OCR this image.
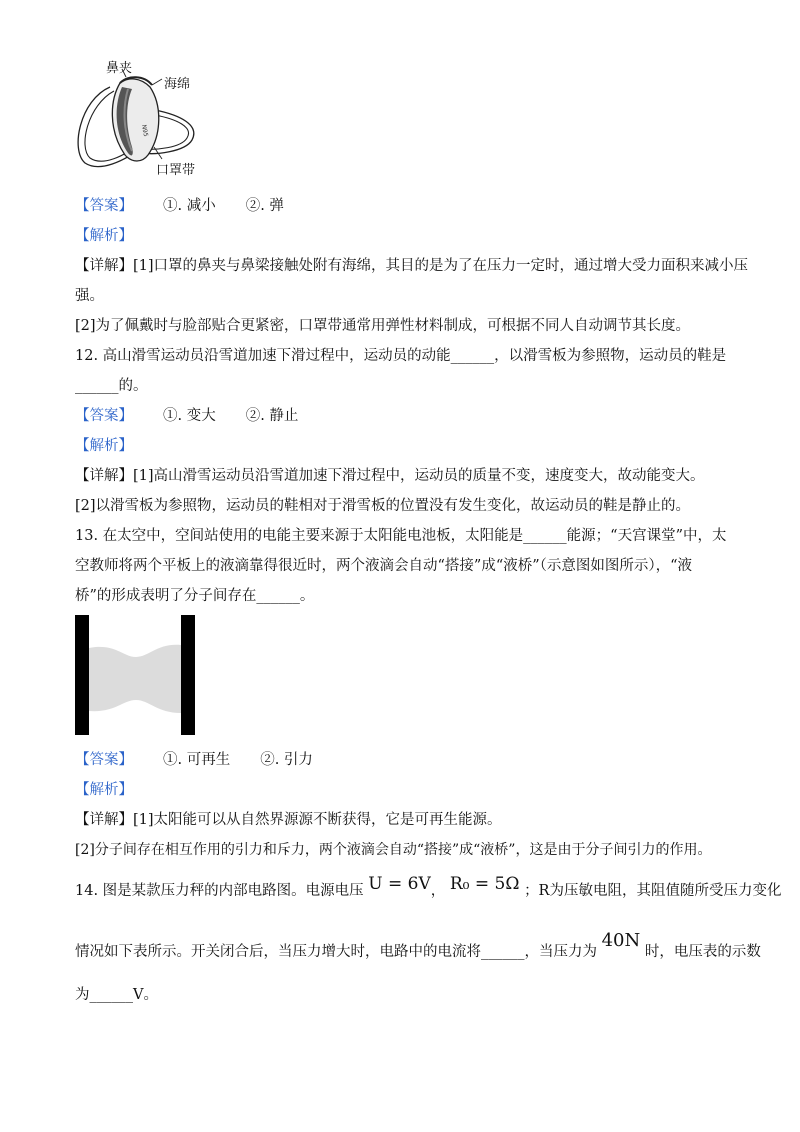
N95
鼻夹
海绵
口罩带
【答案】 ①. 减小 ②. 弹
【解析】
【详解】[1]口罩的鼻夹与鼻梁接触处附有海绵，其目的是为了在压力一定时，通过增大受力面积来减小压
强。
[2]为了佩戴时与脸部贴合更紧密，口罩带通常用弹性材料制成，可根据不同人自动调节其长度。
12. 高山滑雪运动员沿雪道加速下滑过程中，运动员的动能______，以滑雪板为参照物，运动员的鞋是
______的。
【答案】 ①. 变大 ②. 静止
【解析】
【详解】[1]高山滑雪运动员沿雪道加速下滑过程中，运动员的质量不变，速度变大，故动能变大。
[2]以滑雪板为参照物，运动员的鞋相对于滑雪板的位置没有发生变化，故运动员的鞋是静止的。
13. 在太空中，空间站使用的电能主要来源于太阳能电池板，太阳能是______能源；“天宫课堂”中，太
空教师将两个平板上的液滴靠得很近时，两个液滴会自动“搭接”成“液桥”（示意图如图所示），“液
桥”的形成表明了分子间存在______。
【答案】 ①. 可再生 ②. 引力
【解析】
【详解】[1]太阳能可以从自然界源源不断获得，它是可再生能源。
[2]分子间存在相互作用的引力和斥力，两个液滴会自动“搭接”成“液桥”，这是由于分子间引力的作用。
14. 图是某款压力秤的内部电路图。电源电压 U = 6V， R₀ = 5Ω ；R为压敏电阻，其阻值随所受压力变化
情况如下表所示。开关闭合后，当压力增大时，电路中的电流将______，当压力为 40N 时，电压表的示数
为______V。
